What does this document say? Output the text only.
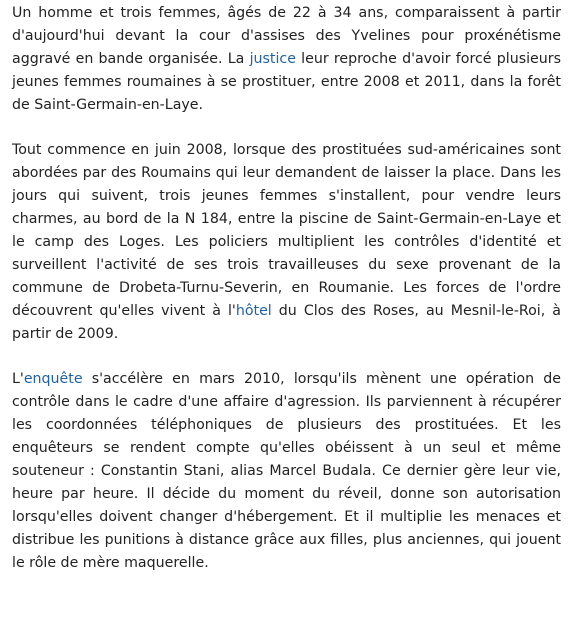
Un homme et trois femmes, âgés de 22 à 34 ans, comparaissent à partir d'aujourd'hui devant la cour d'assises des Yvelines pour proxénétisme aggravé en bande organisée. La justice leur reproche d'avoir forcé plusieurs jeunes femmes roumaines à se prostituer, entre 2008 et 2011, dans la forêt de Saint-Germain-en-Laye.

Tout commence en juin 2008, lorsque des prostituées sud-américaines sont abordées par des Roumains qui leur demandent de laisser la place. Dans les jours qui suivent, trois jeunes femmes s'installent, pour vendre leurs charmes, au bord de la N 184, entre la piscine de Saint-Germain-en-Laye et le camp des Loges. Les policiers multiplient les contrôles d'identité et surveillent l'activité de ses trois travailleuses du sexe provenant de la commune de Drobeta-Turnu-Severin, en Roumanie. Les forces de l'ordre découvrent qu'elles vivent à l'hôtel du Clos des Roses, au Mesnil-le-Roi, à partir de 2009.

L'enquête s'accélère en mars 2010, lorsqu'ils mènent une opération de contrôle dans le cadre d'une affaire d'agression. Ils parviennent à récupérer les coordonnées téléphoniques de plusieurs des prostituées. Et les enquêteurs se rendent compte qu'elles obéissent à un seul et même souteneur : Constantin Stani, alias Marcel Budala. Ce dernier gère leur vie, heure par heure. Il décide du moment du réveil, donne son autorisation lorsqu'elles doivent changer d'hébergement. Et il multiplie les menaces et distribue les punitions à distance grâce aux filles, plus anciennes, qui jouent le rôle de mère maquerelle.
